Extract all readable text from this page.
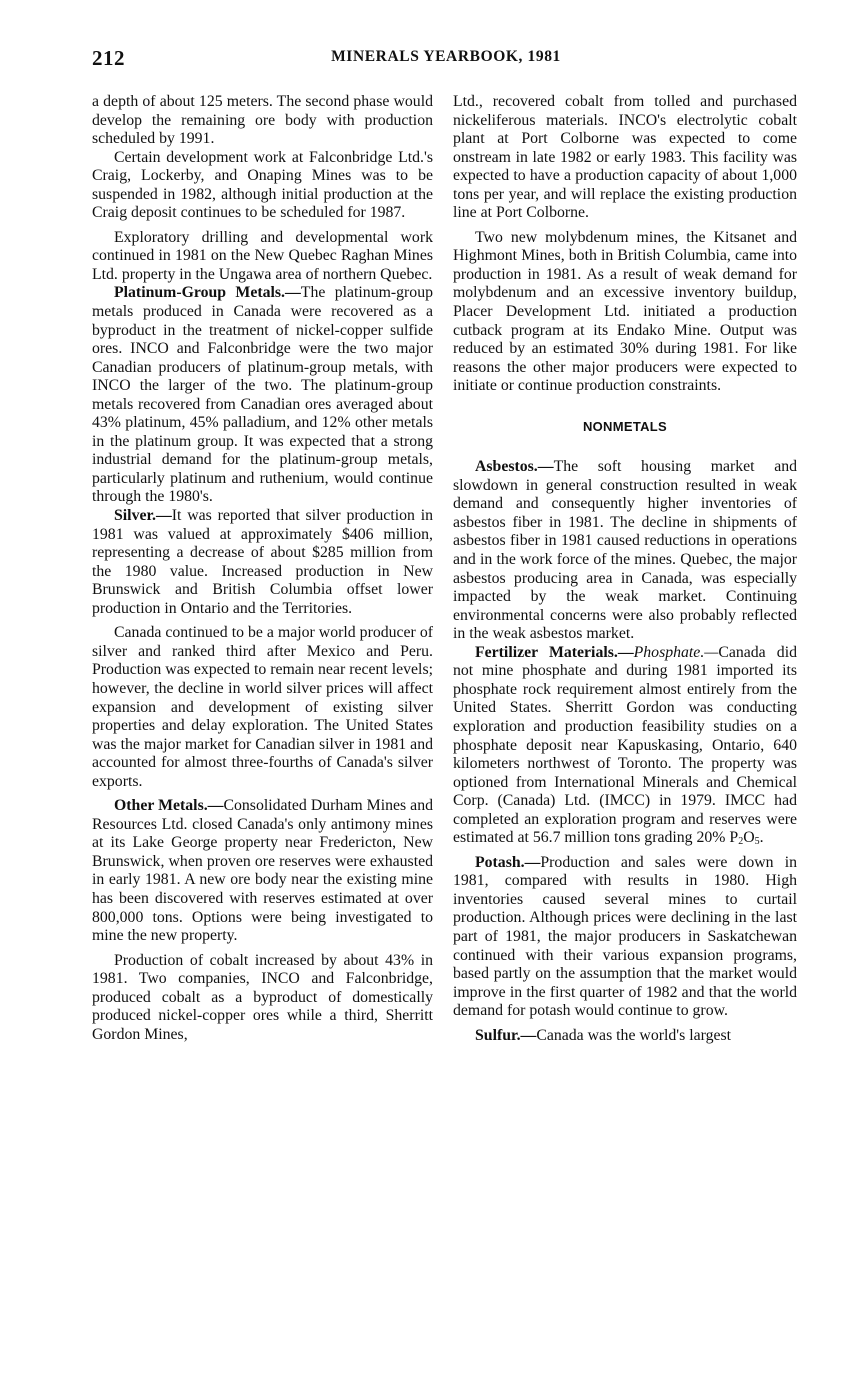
212	MINERALS YEARBOOK, 1981

a depth of about 125 meters. The second phase would develop the remaining ore body with production scheduled by 1991.

Certain development work at Falconbridge Ltd.'s Craig, Lockerby, and Onaping Mines was to be suspended in 1982, although initial production at the Craig deposit continues to be scheduled for 1987.

Exploratory drilling and developmental work continued in 1981 on the New Quebec Raghan Mines Ltd. property in the Ungawa area of northern Quebec.

Platinum-Group Metals.—The platinum-group metals produced in Canada were recovered as a byproduct in the treatment of nickel-copper sulfide ores. INCO and Falconbridge were the two major Canadian producers of platinum-group metals, with INCO the larger of the two. The platinum-group metals recovered from Canadian ores averaged about 43% platinum, 45% palladium, and 12% other metals in the platinum group. It was expected that a strong industrial demand for the platinum-group metals, particularly platinum and ruthenium, would continue through the 1980's.

Silver.—It was reported that silver production in 1981 was valued at approximately $406 million, representing a decrease of about $285 million from the 1980 value. Increased production in New Brunswick and British Columbia offset lower production in Ontario and the Territories.

Canada continued to be a major world producer of silver and ranked third after Mexico and Peru. Production was expected to remain near recent levels; however, the decline in world silver prices will affect expansion and development of existing silver properties and delay exploration. The United States was the major market for Canadian silver in 1981 and accounted for almost three-fourths of Canada's silver exports.

Other Metals.—Consolidated Durham Mines and Resources Ltd. closed Canada's only antimony mines at its Lake George property near Fredericton, New Brunswick, when proven ore reserves were exhausted in early 1981. A new ore body near the existing mine has been discovered with reserves estimated at over 800,000 tons. Options were being investigated to mine the new property.

Production of cobalt increased by about 43% in 1981. Two companies, INCO and Falconbridge, produced cobalt as a byproduct of domestically produced nickel-copper ores while a third, Sherritt Gordon Mines,

Ltd., recovered cobalt from tolled and purchased nickeliferous materials. INCO's electrolytic cobalt plant at Port Colborne was expected to come onstream in late 1982 or early 1983. This facility was expected to have a production capacity of about 1,000 tons per year, and will replace the existing production line at Port Colborne.

Two new molybdenum mines, the Kitsanet and Highmont Mines, both in British Columbia, came into production in 1981. As a result of weak demand for molybdenum and an excessive inventory buildup, Placer Development Ltd. initiated a production cutback program at its Endako Mine. Output was reduced by an estimated 30% during 1981. For like reasons the other major producers were expected to initiate or continue production constraints.

NONMETALS

Asbestos.—The soft housing market and slowdown in general construction resulted in weak demand and consequently higher inventories of asbestos fiber in 1981. The decline in shipments of asbestos fiber in 1981 caused reductions in operations and in the work force of the mines. Quebec, the major asbestos producing area in Canada, was especially impacted by the weak market. Continuing environmental concerns were also probably reflected in the weak asbestos market.

Fertilizer Materials.—Phosphate.—Canada did not mine phosphate and during 1981 imported its phosphate rock requirement almost entirely from the United States. Sherritt Gordon was conducting exploration and production feasibility studies on a phosphate deposit near Kapuskasing, Ontario, 640 kilometers northwest of Toronto. The property was optioned from International Minerals and Chemical Corp. (Canada) Ltd. (IMCC) in 1979. IMCC had completed an exploration program and reserves were estimated at 56.7 million tons grading 20% $P_2O_5$.

Potash.—Production and sales were down in 1981, compared with results in 1980. High inventories caused several mines to curtail production. Although prices were declining in the last part of 1981, the major producers in Saskatchewan continued with their various expansion programs, based partly on the assumption that the market would improve in the first quarter of 1982 and that the world demand for potash would continue to grow.

Sulfur.—Canada was the world's largest
